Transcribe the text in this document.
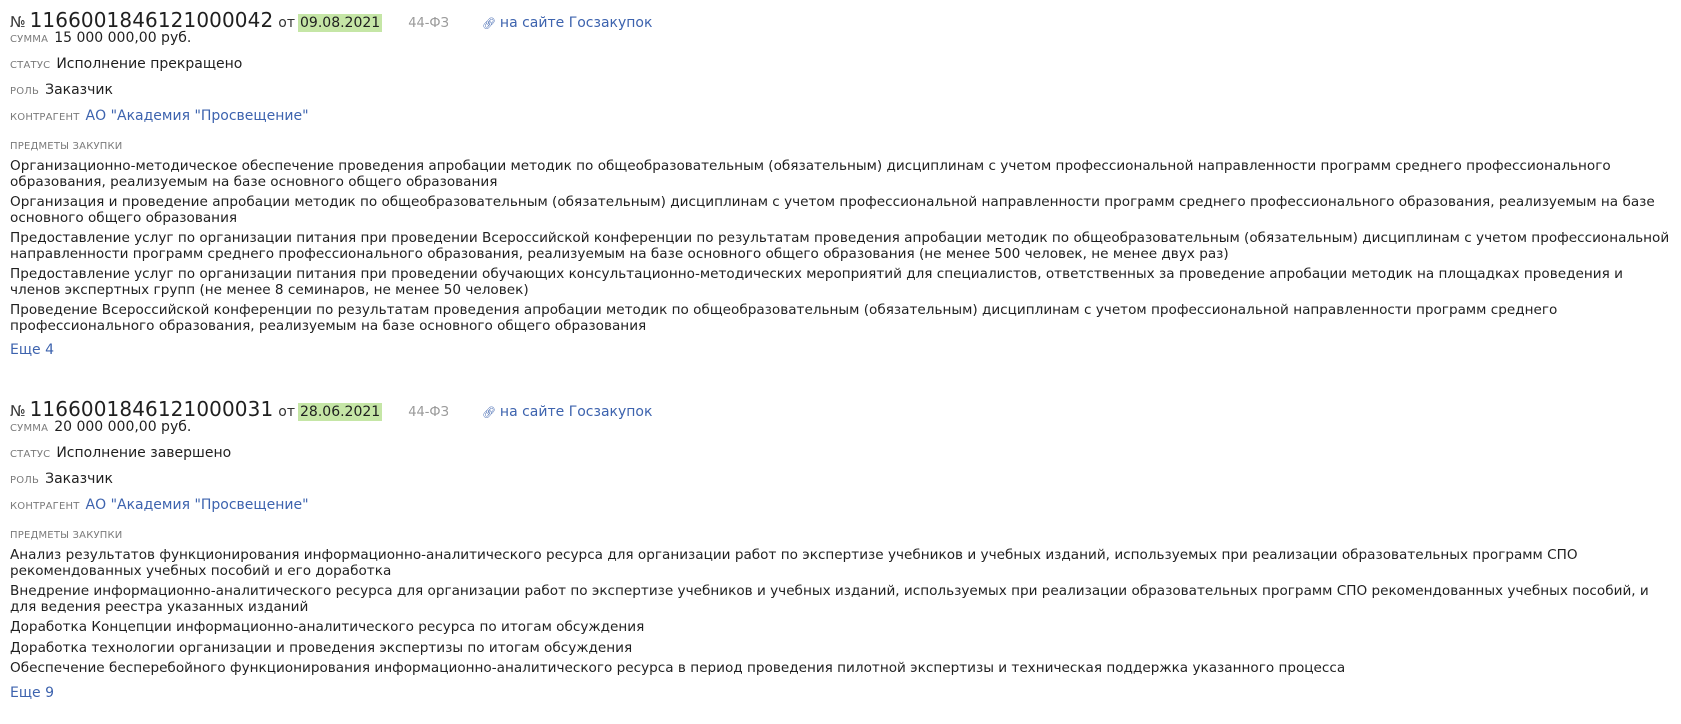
№ 1166001846121000042 от 09.08.2021 44-ФЗ	🔗︎ на сайте Госзакупок
СУММА 15 000 000,00 руб.
СТАТУС Исполнение прекращено
РОЛЬ Заказчик
КОНТРАГЕНТ АО "Академия "Просвещение"
ПРЕДМЕТЫ ЗАКУПКИ
Организационно-методическое обеспечение проведения апробации методик по общеобразовательным (обязательным) дисциплинам с учетом профессиональной направленности программ среднего профессионального образования, реализуемым на базе основного общего образования
Организация и проведение апробации методик по общеобразовательным (обязательным) дисциплинам с учетом профессиональной направленности программ среднего профессионального образования, реализуемым на базе основного общего образования
Предоставление услуг по организации питания при проведении Всероссийской конференции по результатам проведения апробации методик по общеобразовательным (обязательным) дисциплинам с учетом профессиональной направленности программ среднего профессионального образования, реализуемым на базе основного общего образования (не менее 500 человек, не менее двух раз)
Предоставление услуг по организации питания при проведении обучающих консультационно-методических мероприятий для специалистов, ответственных за проведение апробации методик на площадках проведения и членов экспертных групп (не менее 8 семинаров, не менее 50 человек)
Проведение Всероссийской конференции по результатам проведения апробации методик по общеобразовательным (обязательным) дисциплинам с учетом профессиональной направленности программ среднего профессионального образования, реализуемым на базе основного общего образования
Еще 4
№ 1166001846121000031 от 28.06.2021 44-ФЗ	🔗︎ на сайте Госзакупок
СУММА 20 000 000,00 руб.
СТАТУС Исполнение завершено
РОЛЬ Заказчик
КОНТРАГЕНТ АО "Академия "Просвещение"
ПРЕДМЕТЫ ЗАКУПКИ
Анализ результатов функционирования информационно-аналитического ресурса для организации работ по экспертизе учебников и учебных изданий, используемых при реализации образовательных программ СПО рекомендованных учебных пособий и его доработка
Внедрение информационно-аналитического ресурса для организации работ по экспертизе учебников и учебных изданий, используемых при реализации образовательных программ СПО рекомендованных учебных пособий, и для ведения реестра указанных изданий
Доработка Концепции информационно-аналитического ресурса по итогам обсуждения
Доработка технологии организации и проведения экспертизы по итогам обсуждения
Обеспечение бесперебойного функционирования информационно-аналитического ресурса в период проведения пилотной экспертизы и техническая поддержка указанного процесса
Еще 9
